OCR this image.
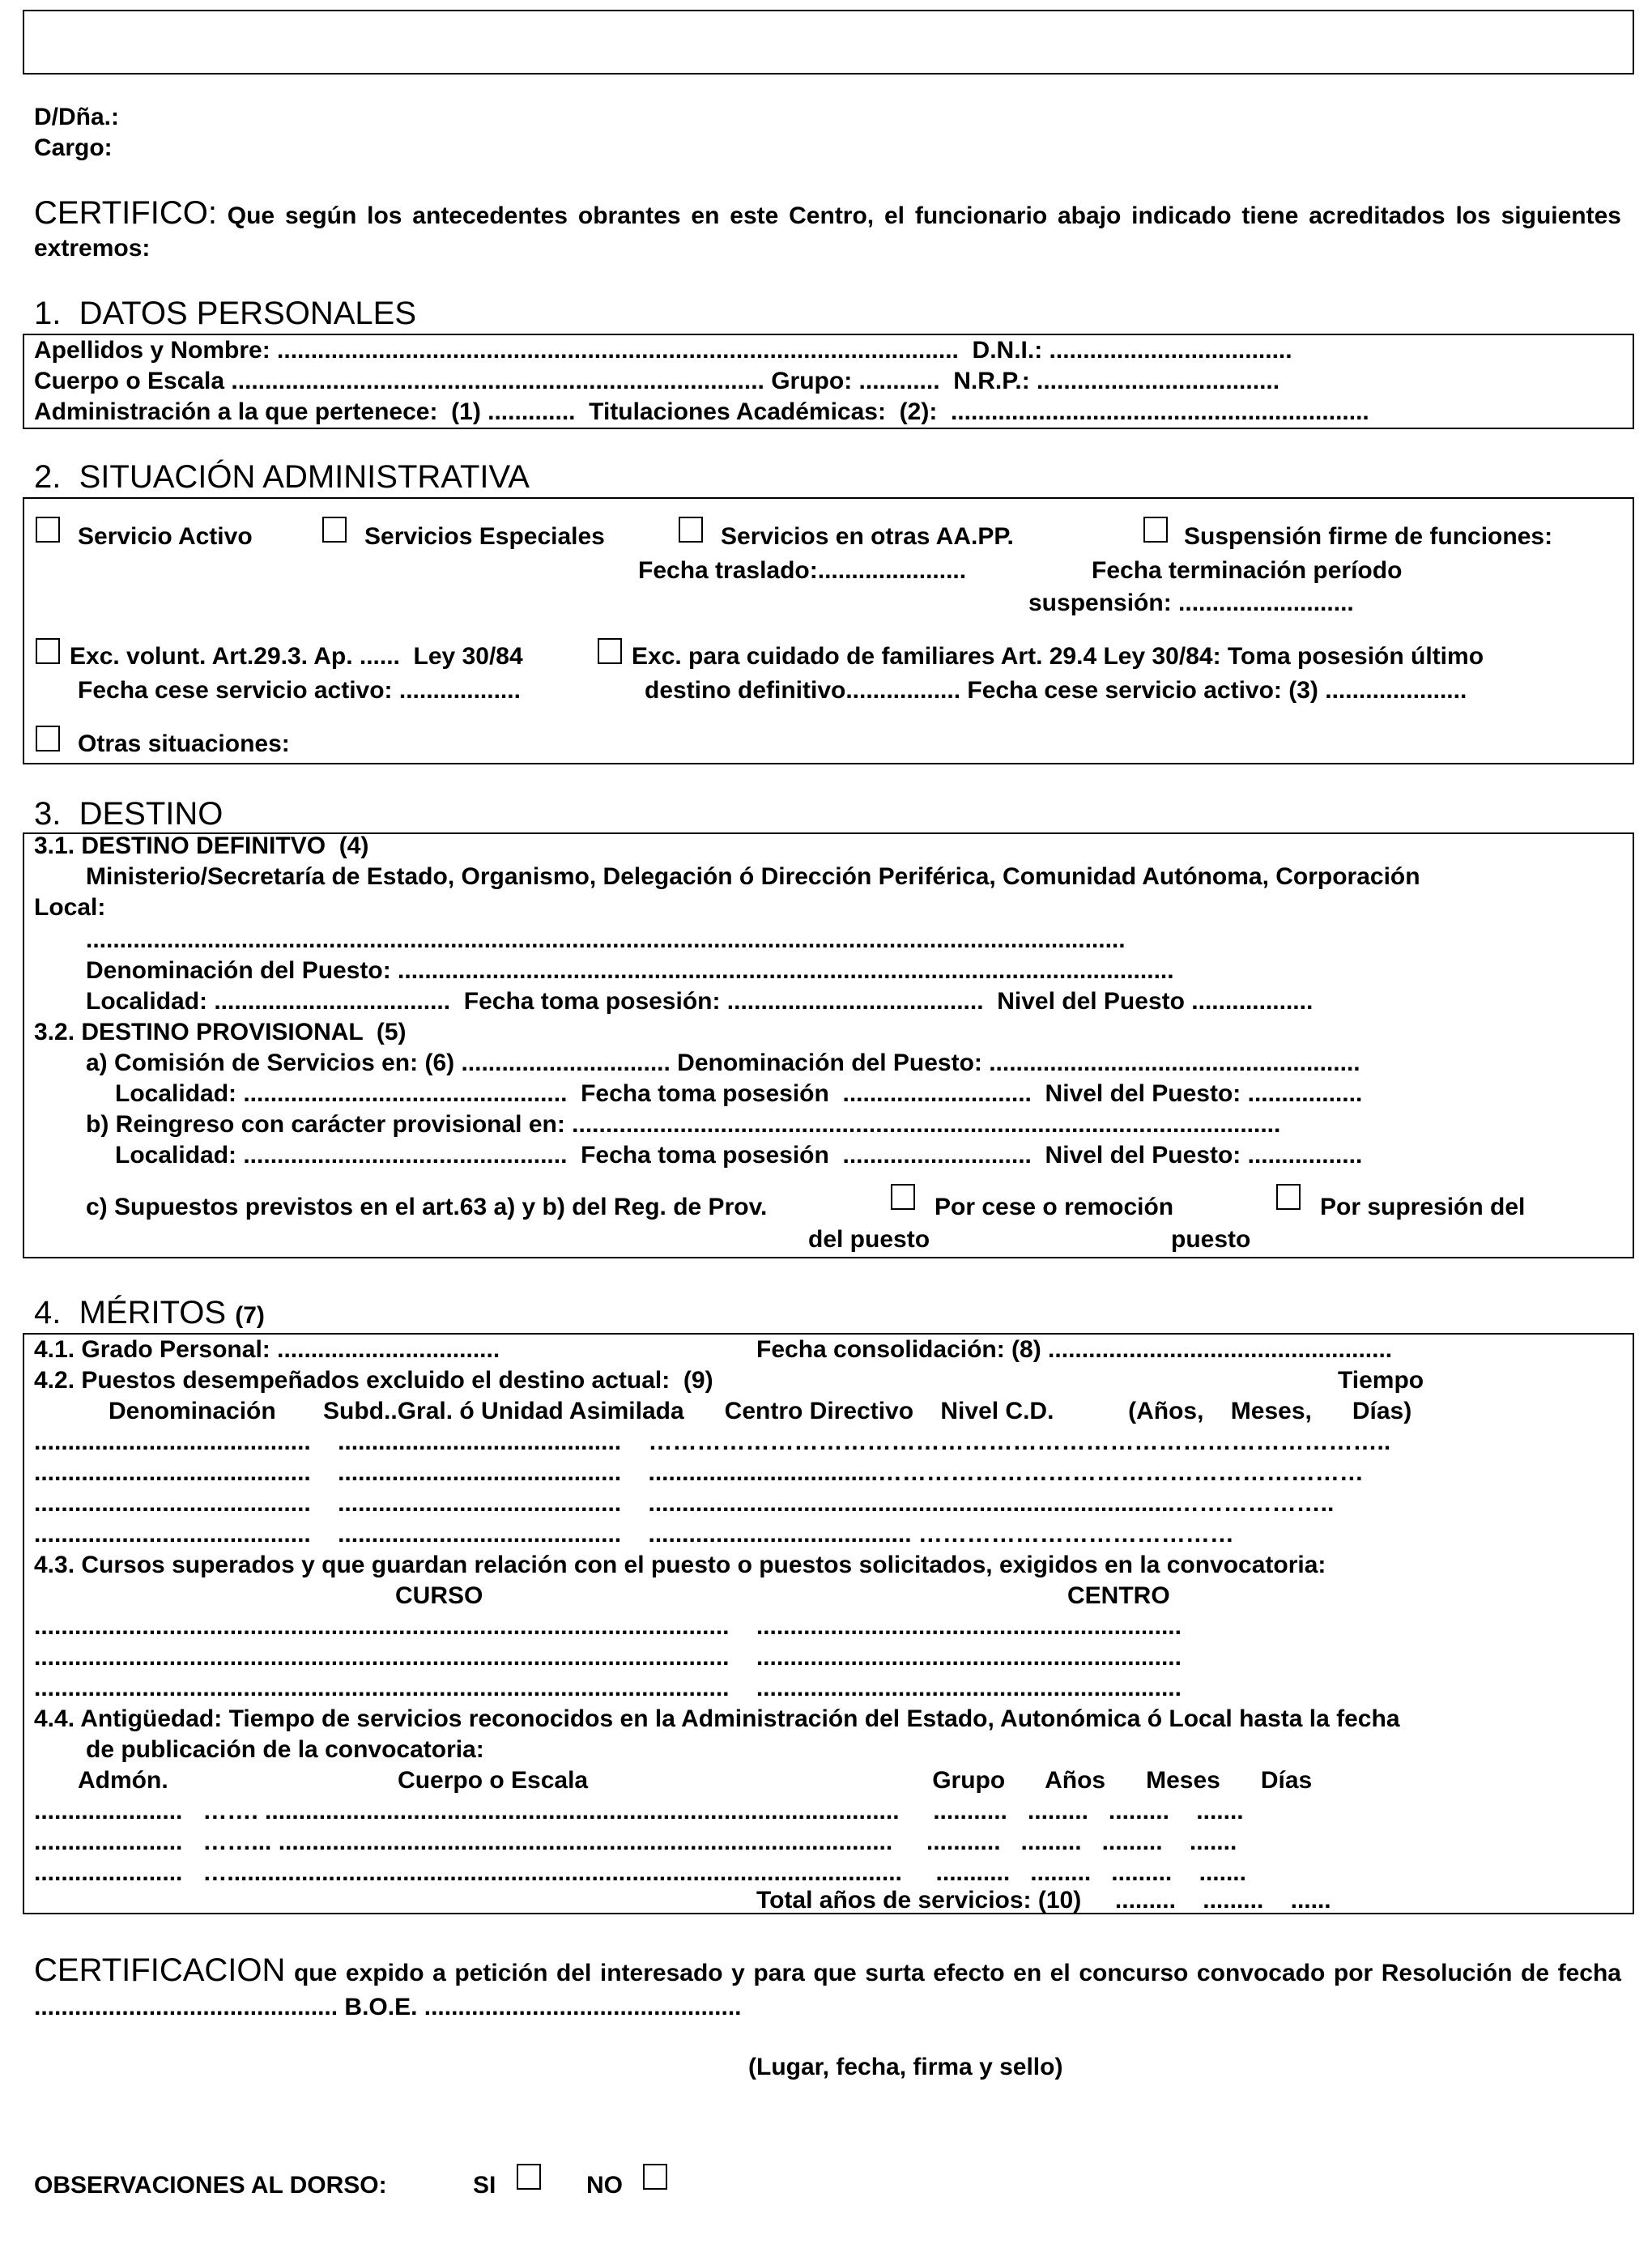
D/Dña.:
Cargo:
CERTIFICO: Que según los antecedentes obrantes en este Centro, el funcionario abajo indicado tiene acreditados los siguientes extremos:
1.  DATOS PERSONALES
Apellidos y Nombre: .....................................................................................................  D.N.I.: ....................................
Cuerpo o Escala ............................................................................... Grupo: ............  N.R.P.: ....................................
Administración a la que pertenece:  (1) .............  Titulaciones Académicas:  (2):  ..............................................................
2.  SITUACIÓN ADMINISTRATIVA
Servicio Activo	Servicios Especiales	Servicios en otras AA.PP.	Suspensión firme de funciones:
Fecha traslado:......................	Fecha terminación período
suspensión: ..........................
Exc. volunt. Art.29.3. Ap. ......  Ley 30/84	Exc. para cuidado de familiares Art. 29.4 Ley 30/84: Toma posesión último
Fecha cese servicio activo: ..................	destino definitivo................. Fecha cese servicio activo: (3) .....................
Otras situaciones:
3.  DESTINO
3.1. DESTINO DEFINITVO  (4)
Ministerio/Secretaría de Estado, Organismo, Delegación ó Dirección Periférica, Comunidad Autónoma, Corporación
Local:
..........................................................................................................................................................
Denominación del Puesto: ...................................................................................................................
Localidad: ...................................  Fecha toma posesión: ......................................  Nivel del Puesto ..................
3.2. DESTINO PROVISIONAL  (5)
a) Comisión de Servicios en: (6) ............................... Denominación del Puesto: .......................................................
Localidad: ................................................  Fecha toma posesión  ............................  Nivel del Puesto: .................
b) Reingreso con carácter provisional en: .........................................................................................................
Localidad: ................................................  Fecha toma posesión  ............................  Nivel del Puesto: .................
c) Supuestos previstos en el art.63 a) y b) del Reg. de Prov.	Por cese o remoción	Por supresión del
del puesto	puesto
4.  MÉRITOS (7)
4.1. Grado Personal: .................................	Fecha consolidación: (8) ...................................................
4.2. Puestos desempeñados excluido el destino actual:  (9)	Tiempo
Denominación       Subd..Gral. ó Unidad Asimilada      Centro Directivo    Nivel C.D.           (Años,    Meses,      Días)
.........................................    ..........................................    ………………………………………………………………………………..
.........................................    ..........................................    ..................................……………………………………………………
.........................................    ..........................................    ..............................................................................………………..
.........................................    ..........................................    ....................................... …………………………………
4.3. Cursos superados y que guardan relación con el puesto o puestos solicitados, exigidos en la convocatoria:
CURSO	CENTRO
.......................................................................................................    ...............................................................
.......................................................................................................    ...............................................................
.......................................................................................................    ...............................................................
4.4. Antigüedad: Tiempo de servicios reconocidos en la Administración del Estado, Autonómica ó Local hasta la fecha
de publicación de la convocatoria:
Admón.                                  Cuerpo o Escala                                                   Grupo      Años      Meses      Días
......................   ……. ..............................................................................................     ...........   .........   .........    .......
......................   ……... ...........................................................................................     ...........   .........   .........    .......
......................   …....................................................................................................     ...........   .........   .........    .......
Total años de servicios: (10)     .........    .........    ......
CERTIFICACION que expido a petición del interesado y para que surta efecto en el concurso convocado por Resolución de fecha ............................................. B.O.E. ...............................................
(Lugar, fecha, firma y sello)
OBSERVACIONES AL DORSO:	SI	NO
